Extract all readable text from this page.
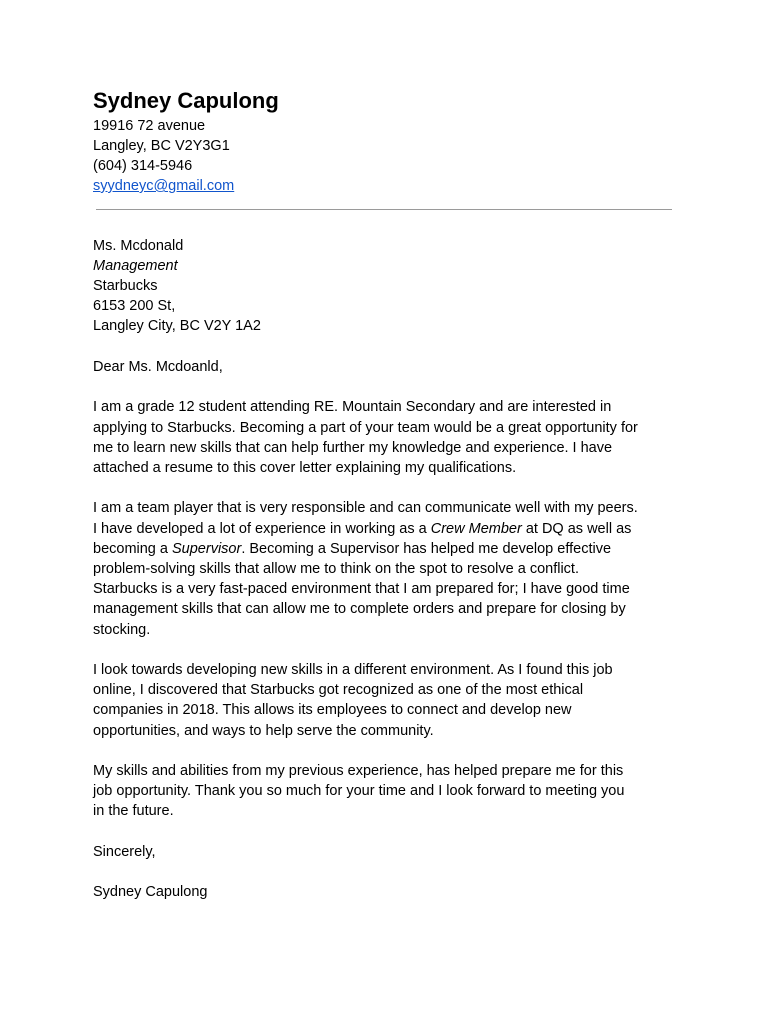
Sydney Capulong
19916 72 avenue
Langley, BC V2Y3G1
(604) 314-5946
syydneyc@gmail.com
Ms. Mcdonald
Management
Starbucks
6153 200 St,
Langley City, BC V2Y 1A2

Dear Ms. Mcdoanld,

I am a grade 12 student attending RE. Mountain Secondary and are interested in
applying to Starbucks. Becoming a part of your team would be a great opportunity for
me to learn new skills that can help further my knowledge and experience. I have
attached a resume to this cover letter explaining my qualifications.

I am a team player that is very responsible and can communicate well with my peers.
I have developed a lot of experience in working as a Crew Member at DQ as well as
becoming a Supervisor. Becoming a Supervisor has helped me develop effective
problem-solving skills that allow me to think on the spot to resolve a conflict.
Starbucks is a very fast-paced environment that I am prepared for; I have good time
management skills that can allow me to complete orders and prepare for closing by
stocking.

I look towards developing new skills in a different environment. As I found this job
online, I discovered that Starbucks got recognized as one of the most ethical
companies in 2018. This allows its employees to connect and develop new
opportunities, and ways to help serve the community.

My skills and abilities from my previous experience, has helped prepare me for this
job opportunity. Thank you so much for your time and I look forward to meeting you
in the future.

Sincerely,

Sydney Capulong
